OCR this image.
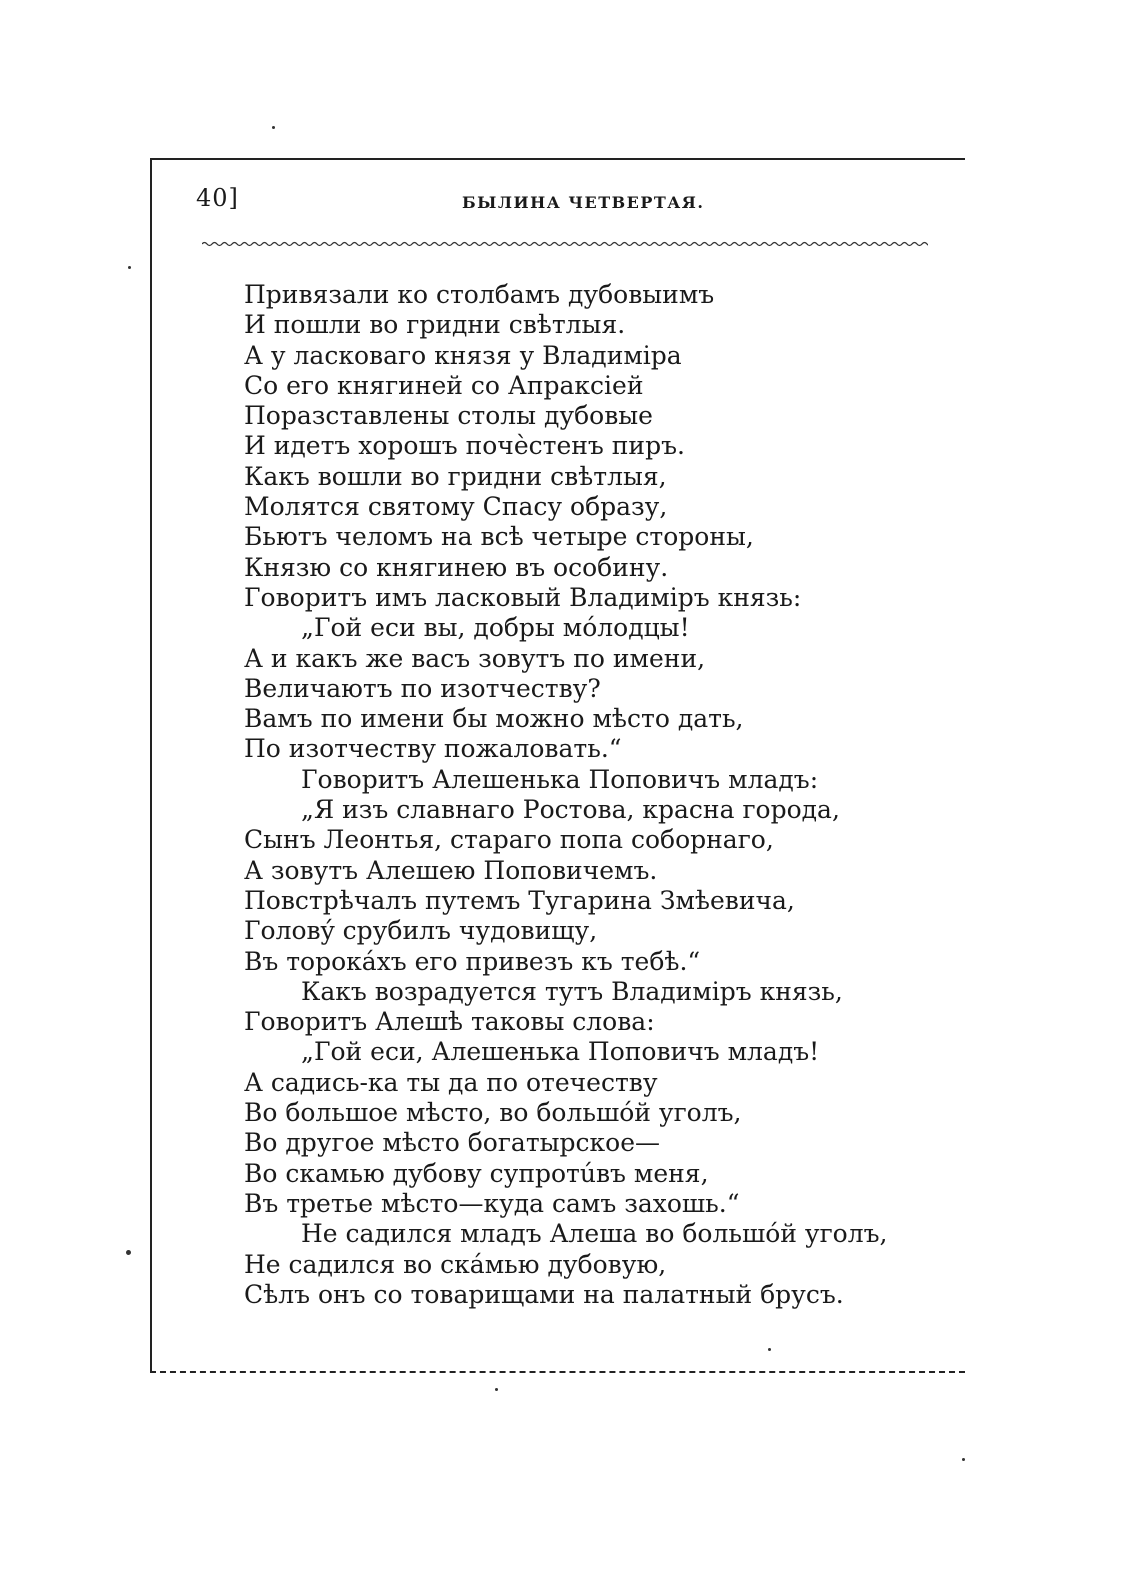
40]	БЫЛИНА ЧЕТВЕРТАЯ.
Привязали ко столбамъ дубовыимъ
И пошли во гридни свѣтлыя.
А у ласковаго князя у Владиміра
Со его княгиней со Апраксiей
Поразставлены столы дубовые
И идетъ хорошъ почѐстенъ пиръ.
Какъ вошли во гридни свѣтлыя,
Молятся святому Спасу образу,
Бьютъ челомъ на всѣ четыре стороны,
Князю со княгинею въ особину.
Говоритъ имъ ласковый Владиміръ князь:
„Гой еси вы, добры мóлодцы!
А и какъ же васъ зовутъ по имени,
Величаютъ по изотчеству?
Вамъ по имени бы можно мѣсто дать,
По изотчеству пожаловать.“
Говоритъ Алешенька Поповичъ младъ:
„Я изъ славнаго Ростова, красна города,
Сынъ Леонтья, стараго попа соборнаго,
А зовутъ Алешею Поповичемъ.
Повстрѣчалъ путемъ Тугарина Змѣевича,
Головý срубилъ чудовищу,
Въ торокáхъ его привезъ къ тебѣ.“
Какъ возрадуется тутъ Владиміръ князь,
Говоритъ Алешѣ таковы слова:
„Гой еси, Алешенька Поповичъ младъ!
А садись-ка ты да по отечеству
Во большое мѣсто, во большóй уголъ,
Во другое мѣсто богатырское—
Во скамью дубову супротúвъ меня,
Въ третье мѣсто—куда самъ захошь.“
Не садился младъ Алеша во большóй уголъ,
Не садился во скáмью дубовую,
Сѣлъ онъ со товарищами на палатный брусъ.
